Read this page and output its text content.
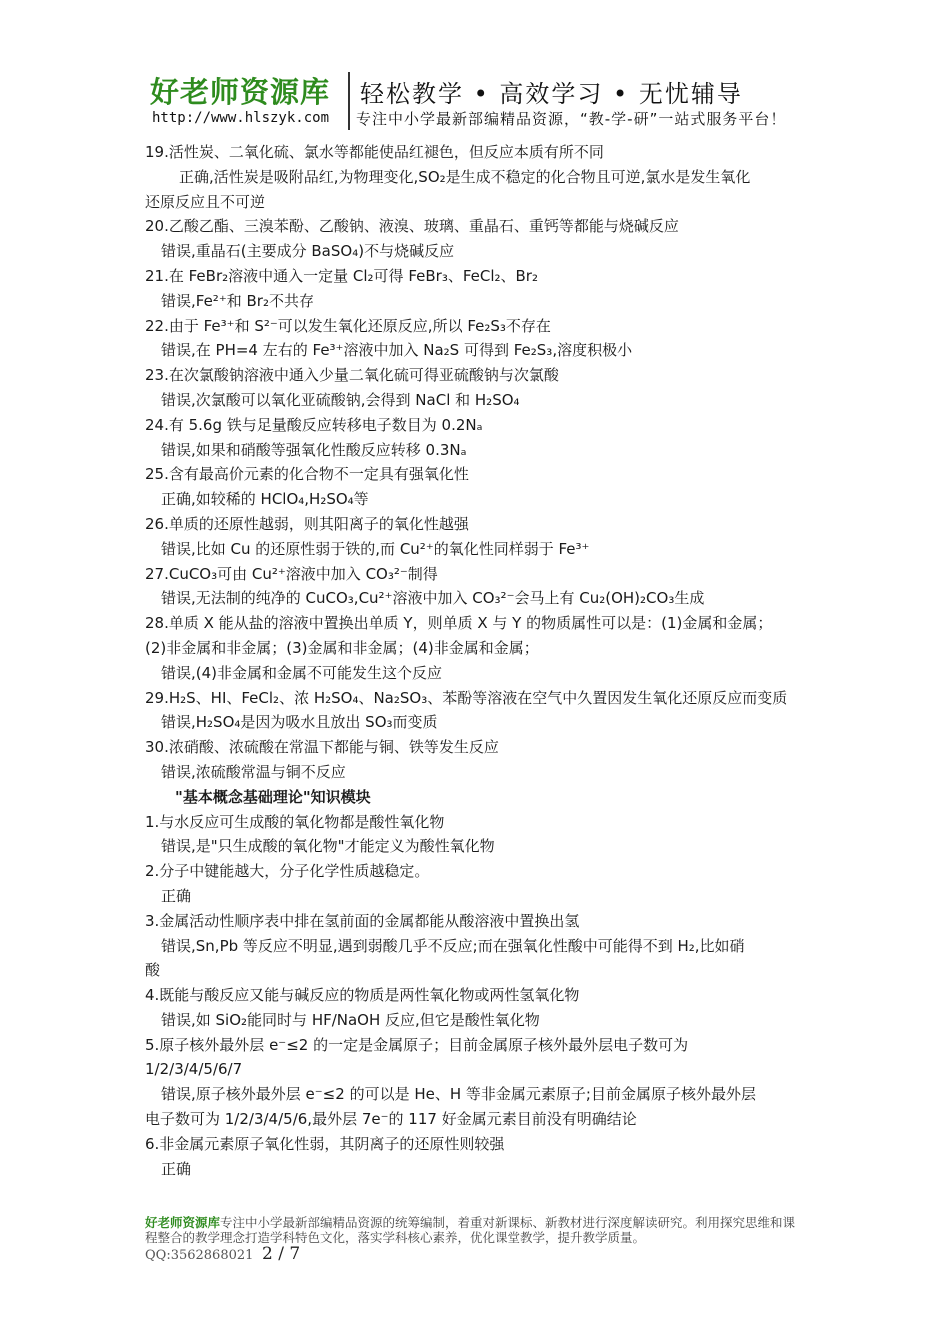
好老师资源库 轻松教学 • 高效学习 • 无忧辅导
http://www.hlszyk.com 专注中小学最新部编精品资源，“教-学-研”一站式服务平台！

19.活性炭、二氧化硫、氯水等都能使品红褪色，但反应本质有所不同

正确,活性炭是吸附品红,为物理变化,SO₂是生成不稳定的化合物且可逆,氯水是发生氧化

还原反应且不可逆

20.乙酸乙酯、三溴苯酚、乙酸钠、液溴、玻璃、重晶石、重钙等都能与烧碱反应

错误,重晶石(主要成分 BaSO₄)不与烧碱反应

21.在 FeBr₂溶液中通入一定量 Cl₂可得 FeBr₃、FeCl₂、Br₂

错误,Fe²⁺和 Br₂不共存

22.由于 Fe³⁺和 S²⁻可以发生氧化还原反应,所以 Fe₂S₃不存在

错误,在 PH=4 左右的 Fe³⁺溶液中加入 Na₂S 可得到 Fe₂S₃,溶度积极小

23.在次氯酸钠溶液中通入少量二氧化硫可得亚硫酸钠与次氯酸

错误,次氯酸可以氧化亚硫酸钠,会得到 NaCl 和 H₂SO₄

24.有 5.6g 铁与足量酸反应转移电子数目为 0.2Nₐ

错误,如果和硝酸等强氧化性酸反应转移 0.3Nₐ

25.含有最高价元素的化合物不一定具有强氧化性

正确,如较稀的 HClO₄,H₂SO₄等

26.单质的还原性越弱，则其阳离子的氧化性越强

错误,比如 Cu 的还原性弱于铁的,而 Cu²⁺的氧化性同样弱于 Fe³⁺

27.CuCO₃可由 Cu²⁺溶液中加入 CO₃²⁻制得

错误,无法制的纯净的 CuCO₃,Cu²⁺溶液中加入 CO₃²⁻会马上有 Cu₂(OH)₂CO₃生成

28.单质 X 能从盐的溶液中置换出单质 Y，则单质 X 与 Y 的物质属性可以是：(1)金属和金属；

(2)非金属和非金属；(3)金属和非金属；(4)非金属和金属；

错误,(4)非金属和金属不可能发生这个反应

29.H₂S、HI、FeCl₂、浓 H₂SO₄、Na₂SO₃、苯酚等溶液在空气中久置因发生氧化还原反应而变质

错误,H₂SO₄是因为吸水且放出 SO₃而变质

30.浓硝酸、浓硫酸在常温下都能与铜、铁等发生反应

错误,浓硫酸常温与铜不反应

"基本概念基础理论"知识模块

1.与水反应可生成酸的氧化物都是酸性氧化物

错误,是"只生成酸的氧化物"才能定义为酸性氧化物

2.分子中键能越大，分子化学性质越稳定。

正确

3.金属活动性顺序表中排在氢前面的金属都能从酸溶液中置换出氢

错误,Sn,Pb 等反应不明显,遇到弱酸几乎不反应;而在强氧化性酸中可能得不到 H₂,比如硝

酸

4.既能与酸反应又能与碱反应的物质是两性氧化物或两性氢氧化物

错误,如 SiO₂能同时与 HF/NaOH 反应,但它是酸性氧化物

5.原子核外最外层 e⁻≤2 的一定是金属原子；目前金属原子核外最外层电子数可为

1/2/3/4/5/6/7

错误,原子核外最外层 e⁻≤2 的可以是 He、H 等非金属元素原子;目前金属原子核外最外层

电子数可为 1/2/3/4/5/6,最外层 7e⁻的 117 好金属元素目前没有明确结论

6.非金属元素原子氧化性弱，其阴离子的还原性则较强

正确

好老师资源库专注中小学最新部编精品资源的统筹编制，着重对新课标、新教材进行深度解读研究。利用探究思维和课程整合的教学理念打造学科特色文化，落实学科核心素养，优化课堂教学，提升教学质量。
QQ:3562868021 2 / 7
